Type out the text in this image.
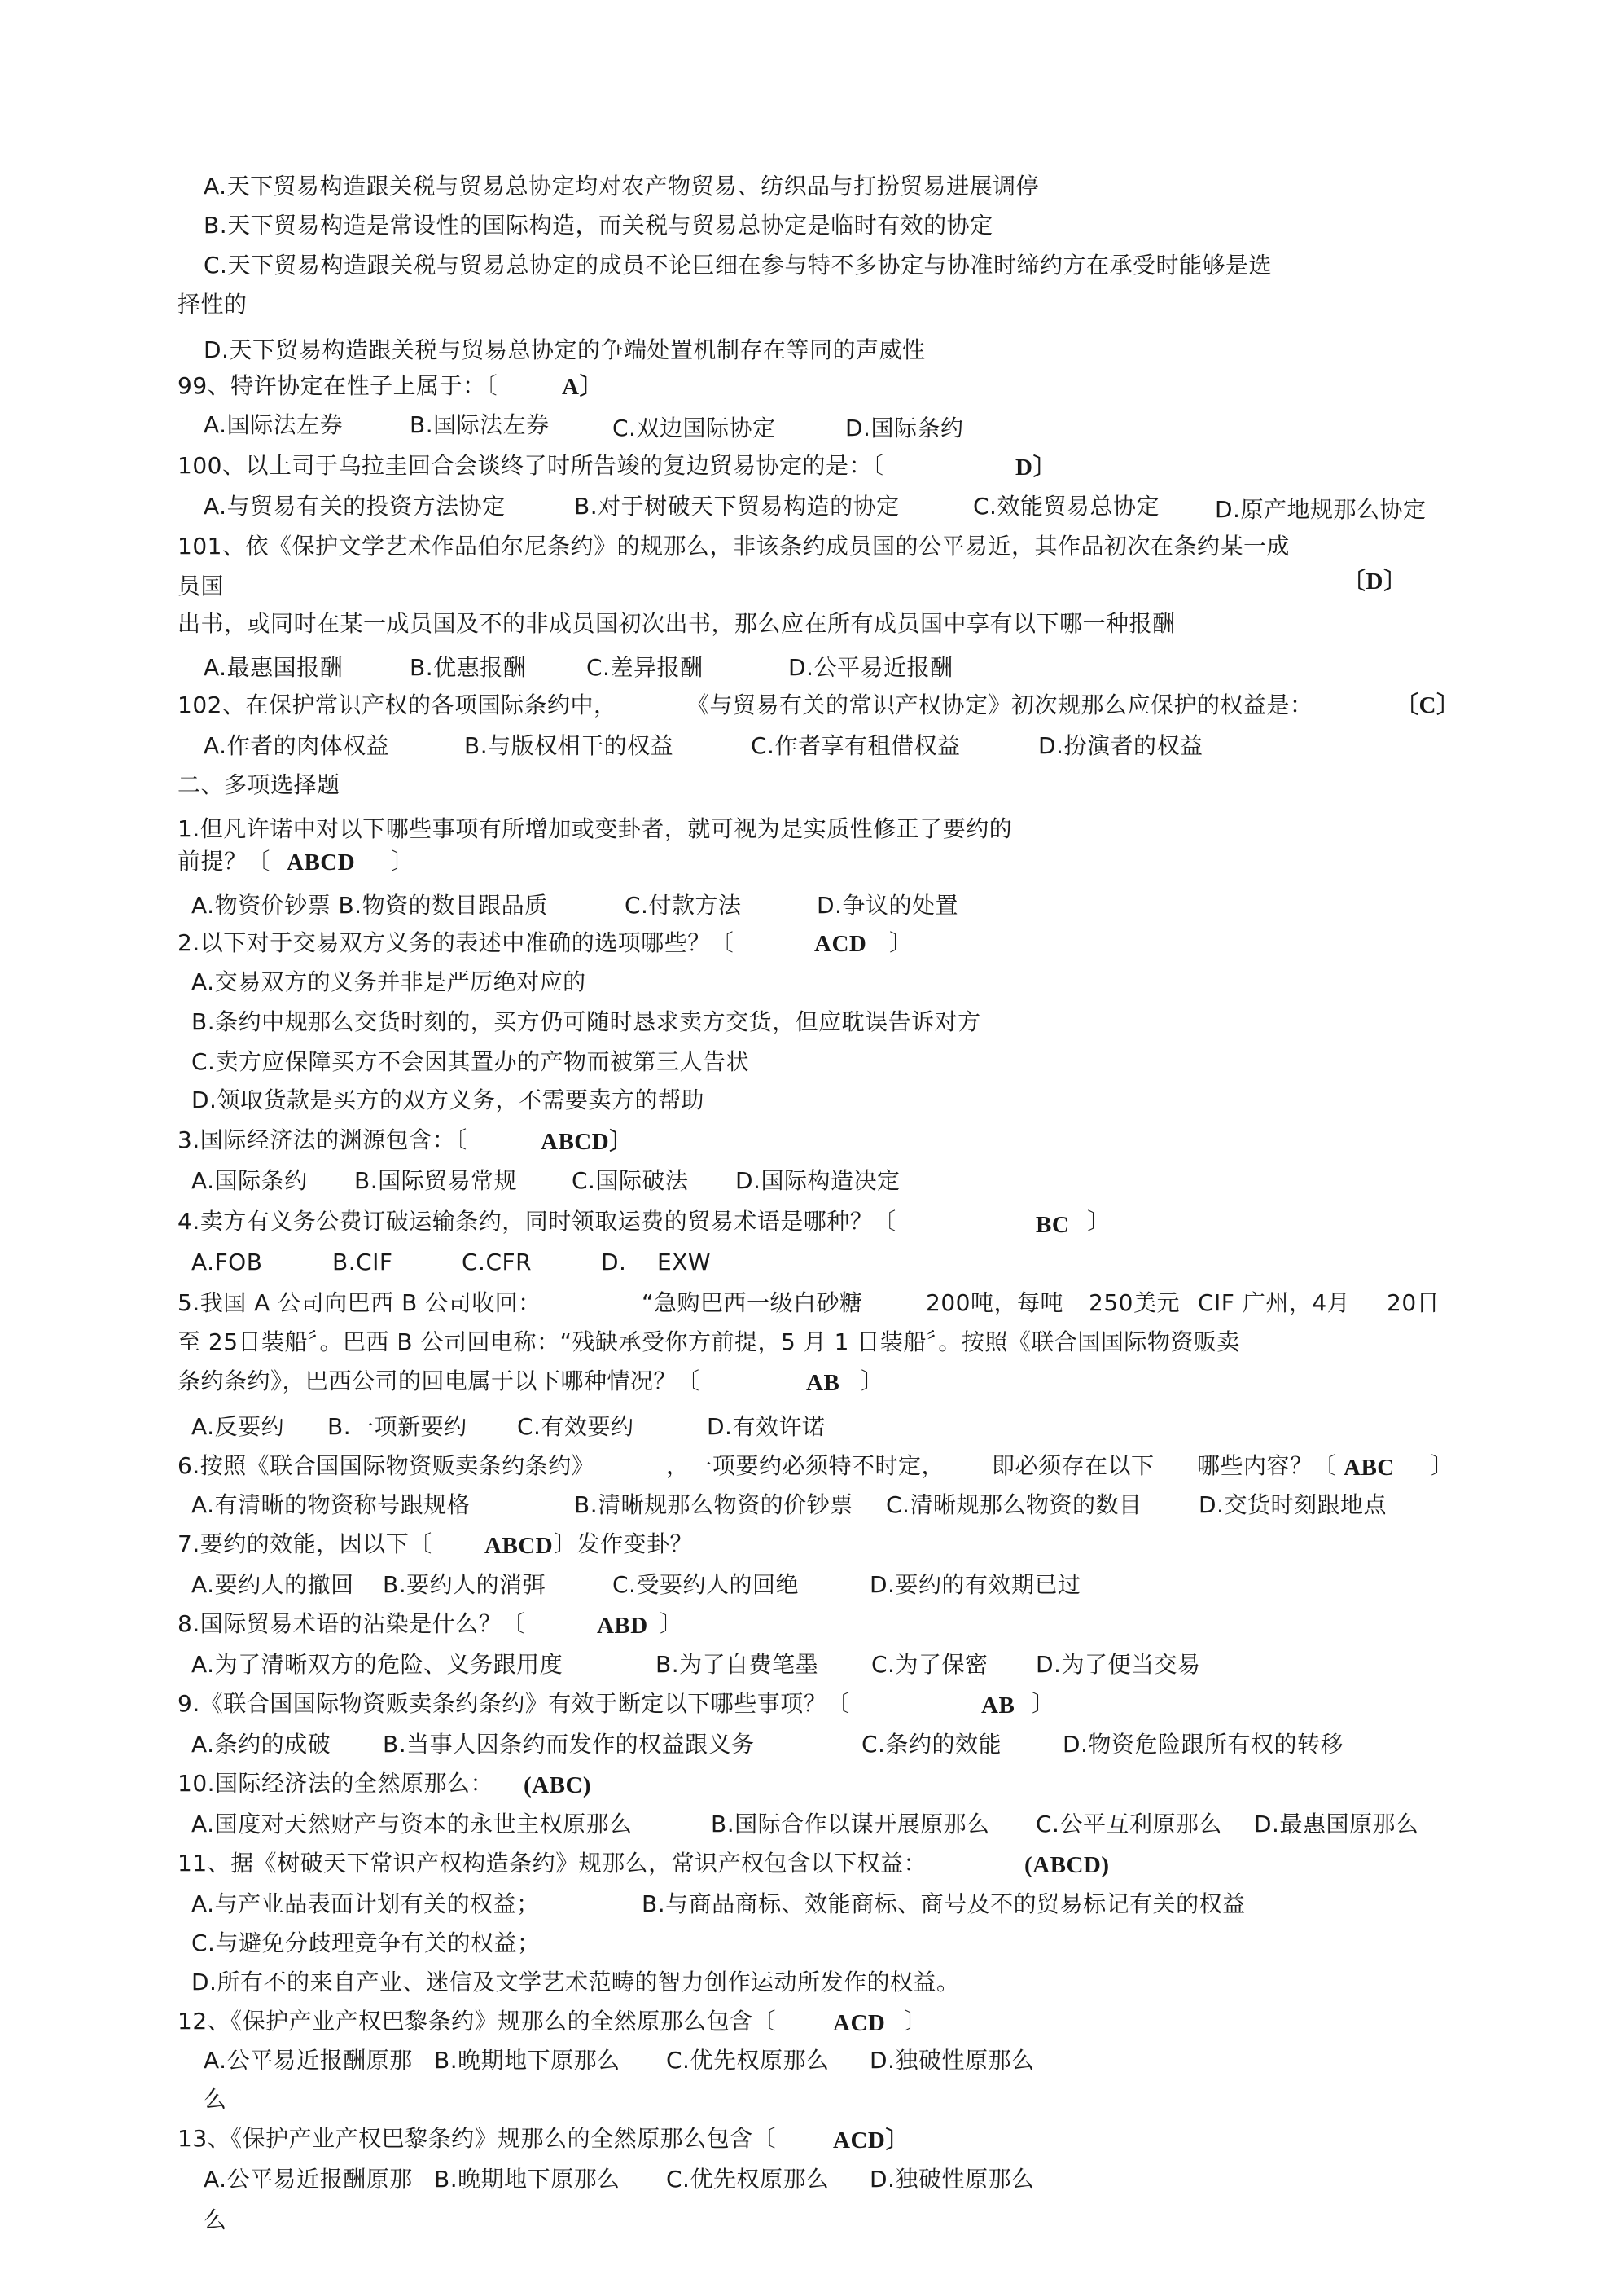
A.天下贸易构造跟关税与贸易总协定均对农产物贸易、纺织品与打扮贸易进展调停
B.天下贸易构造是常设性的国际构造，而关税与贸易总协定是临时有效的协定
C.天下贸易构造跟关税与贸易总协定的成员不论巨细在参与特不多协定与协准时缔约方在承受时能够是选
择性的
D.天下贸易构造跟关税与贸易总协定的争端处置机制存在等同的声威性
99、特许协定在性子上属于：〔	A〕
A.国际法左券	B.国际法左券	C.双边国际协定	D.国际条约
100、以上司于乌拉圭回合会谈终了时所告竣的复边贸易协定的是：〔	D〕
A.与贸易有关的投资方法协定	B.对于树破天下贸易构造的协定	C.效能贸易总协定 D.原产地规那么协定
101、依《保护文学艺术作品伯尔尼条约》的规那么，非该条约成员国的公平易近，其作品初次在条约某一成
员国	〔D〕
出书，或同时在某一成员国及不的非成员国初次出书，那么应在所有成员国中享有以下哪一种报酬
A.最惠国报酬	B.优惠报酬	C.差异报酬	D.公平易近报酬
102、在保护常识产权的各项国际条约中，	《与贸易有关的常识产权协定》初次规那么应保护的权益是：	〔C〕
A.作者的肉体权益	B.与版权相干的权益	C.作者享有租借权益	D.扮演者的权益
二、多项选择题
1.但凡许诺中对以下哪些事项有所增加或变卦者，就可视为是实质性修正了要约的
前提？〔 ABCD 〕
A.物资价钞票 B.物资的数目跟品质	C.付款方法	D.争议的处置
2.以下对于交易双方义务的表述中准确的选项哪些？〔	ACD 〕
A.交易双方的义务并非是严厉绝对应的
B.条约中规那么交货时刻的，买方仍可随时恳求卖方交货，但应耽误告诉对方
C.卖方应保障买方不会因其置办的产物而被第三人告状
D.领取货款是买方的双方义务，不需要卖方的帮助
3.国际经济法的渊源包含：〔	ABCD〕
A.国际条约 B.国际贸易常规 C.国际破法 D.国际构造决定
4.卖方有义务公费订破运输条约，同时领取运费的贸易术语是哪种？〔	BC 〕
A.FOB	B.CIF	C.CFR	D. EXW
5.我国 A 公司向巴西 B 公司收回：	“急购巴西一级白砂糖	200吨，每吨 250美元 CIF 广州，4月 20日
至 25日装船〞。巴西 B 公司回电称：“残缺承受你方前提，5 月 1 日装船〞。按照《联合国国际物资贩卖
条约条约》，巴西公司的回电属于以下哪种情况？〔	AB 〕
A.反要约 B.一项新要约 C.有效要约	D.有效许诺
6.按照《联合国国际物资贩卖条约条约》	，一项要约必须特不时定， 即必须存在以下 哪些内容？〔 ABC 〕
A.有清晰的物资称号跟规格	B.清晰规那么物资的价钞票 C.清晰规那么物资的数目 D.交货时刻跟地点
7.要约的效能，因以下〔 ABCD 〕发作变卦？
A.要约人的撤回 B.要约人的消弭	C.受要约人的回绝	D.要约的有效期已过
8.国际贸易术语的沾染是什么？〔	ABD 〕
A.为了清晰双方的危险、义务跟用度	B.为了自费笔墨 C.为了保密 D.为了便当交易
9.《联合国国际物资贩卖条约条约》有效于断定以下哪些事项？〔	AB 〕
A.条约的成破 B.当事人因条约而发作的权益跟义务	C.条约的效能	D.物资危险跟所有权的转移
10.国际经济法的全然原那么： (ABC)
A.国度对天然财产与资本的永世主权原那么	B.国际合作以谋开展原那么 C.公平互利原那么 D.最惠国原那么
11、据《树破天下常识产权构造条约》规那么，常识产权包含以下权益：	(ABCD)
A.与产业品表面计划有关的权益；	B.与商品商标、效能商标、商号及不的贸易标记有关的权益
C.与避免分歧理竞争有关的权益；
D.所有不的来自产业、迷信及文学艺术范畴的智力创作运动所发作的权益。
12、《保护产业产权巴黎条约》规那么的全然原那么包含〔 ACD 〕
A.公平易近报酬原那 B.晚期地下原那么 C.优先权原那么 D.独破性原那么
么
13、《保护产业产权巴黎条约》规那么的全然原那么包含〔 ACD〕
A.公平易近报酬原那 B.晚期地下原那么 C.优先权原那么 D.独破性原那么
么
